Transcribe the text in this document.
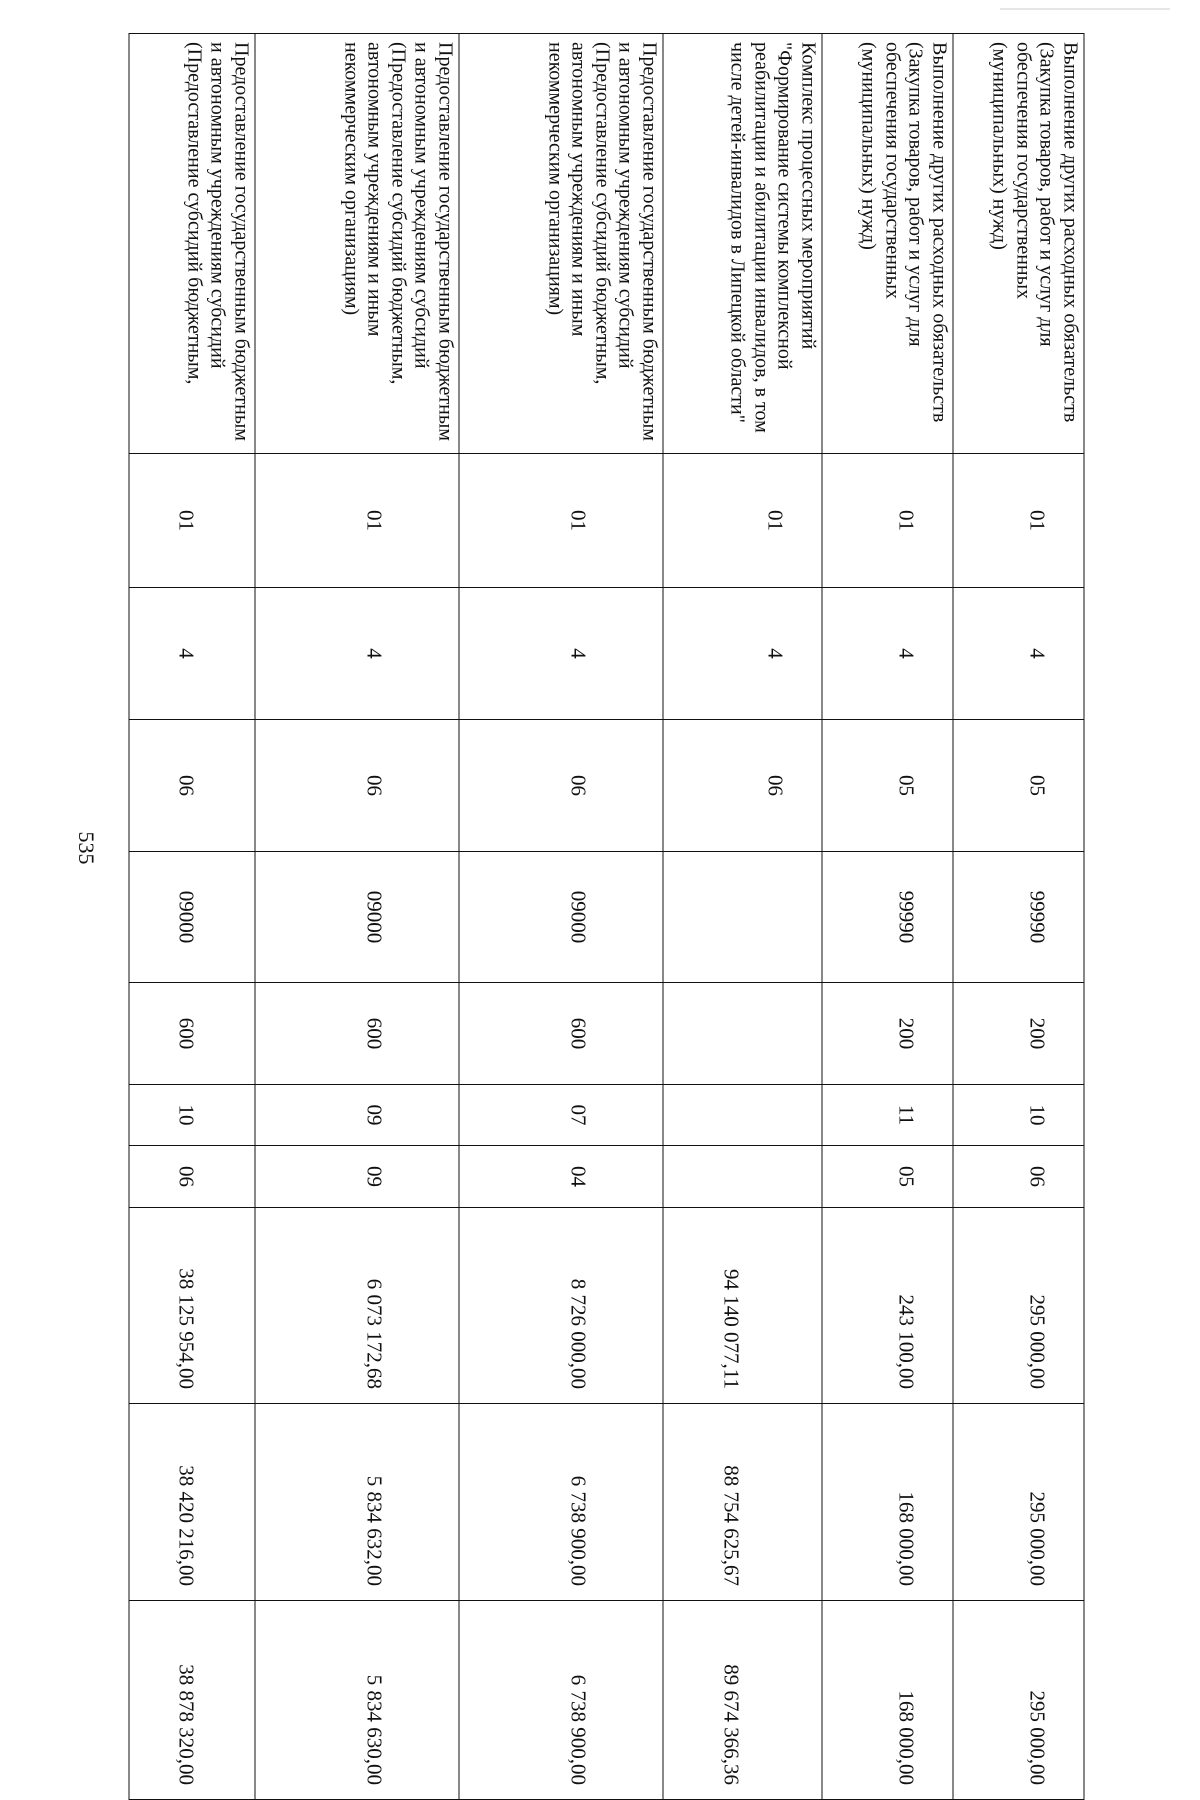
535
Выполнение других расходных обязательств (Закупка товаров, работ и услуг для обеспечения государственных (муниципальных) нужд)	01	4	05	99990	200	10	06	295 000,00	295 000,00	295 000,00
Выполнение других расходных обязательств (Закупка товаров, работ и услуг для обеспечения государственных (муниципальных) нужд)	01	4	05	99990	200	11	05	243 100,00	168 000,00	168 000,00
Комплекс процессных мероприятий "Формирование системы комплексной реабилитации и абилитации инвалидов, в том числе детей-инвалидов в Липецкой области"	01	4	06					94 140 077,11	88 754 625,67	89 674 366,36
Предоставление государственным бюджетным и автономным учреждениям субсидий (Предоставление субсидий бюджетным, автономным учреждениям и иным некоммерческим организациям)	01	4	06	09000	600	07	04	8 726 000,00	6 738 900,00	6 738 900,00
Предоставление государственным бюджетным и автономным учреждениям субсидий (Предоставление субсидий бюджетным, автономным учреждениям и иным некоммерческим организациям)	01	4	06	09000	600	09	09	6 073 172,68	5 834 632,00	5 834 630,00
Предоставление государственным бюджетным и автономным учреждениям субсидий (Предоставление субсидий бюджетным,	01	4	06	09000	600	10	06	38 125 954,00	38 420 216,00	38 878 320,00
